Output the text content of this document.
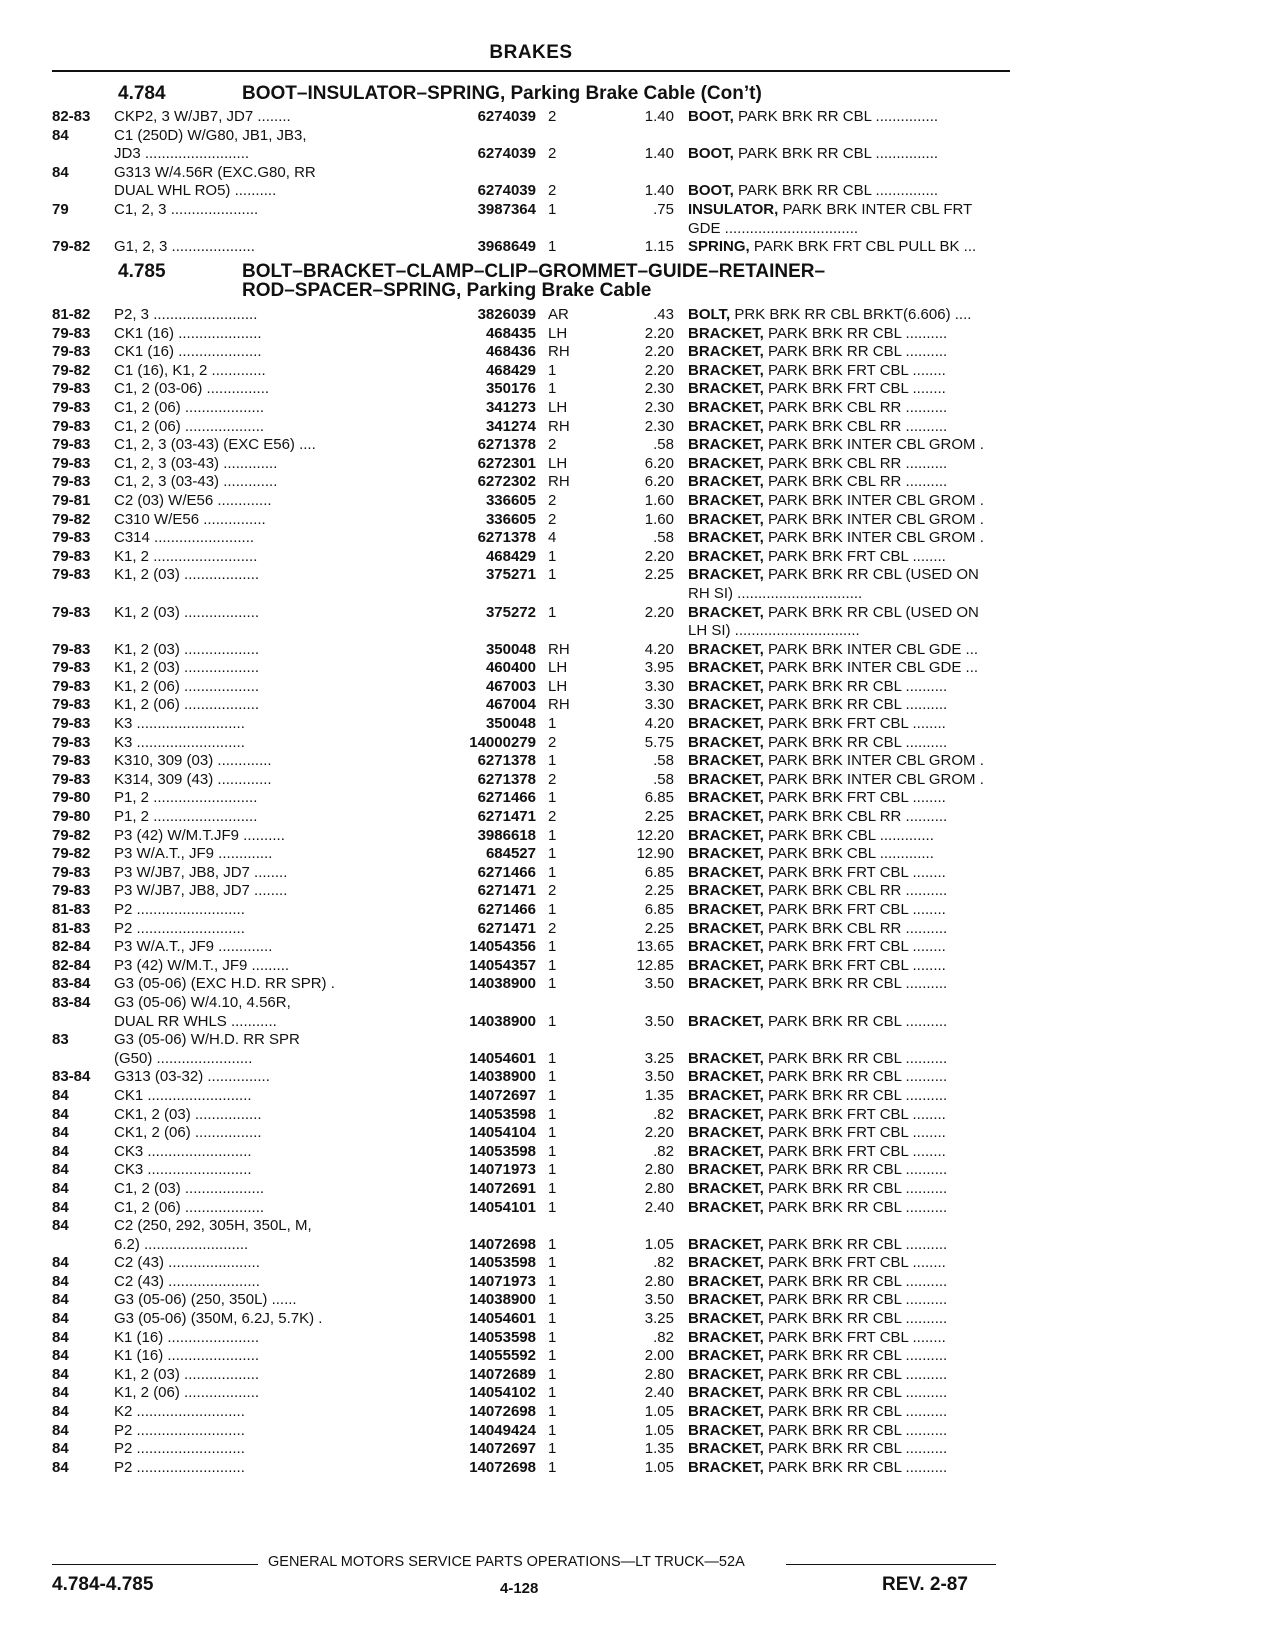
BRAKES
4.784	BOOT–INSULATOR–SPRING, Parking Brake Cable (Con’t)
82-83 CKP2, 3 W/JB7, JD7 ........	6274039 2	1.40 BOOT, PARK BRK RR CBL ...............
84	C1 (250D) W/G80, JB1, JB3,
JD3 .........................	6274039 2	1.40 BOOT, PARK BRK RR CBL ...............
84	G313 W/4.56R (EXC.G80, RR
DUAL WHL RO5) ..........	6274039 2	1.40 BOOT, PARK BRK RR CBL ...............
79	C1, 2, 3 .....................	3987364 1	.75 INSULATOR, PARK BRK INTER CBL FRT
GDE ................................
79-82 G1, 2, 3 ....................	3968649 1	1.15 SPRING, PARK BRK FRT CBL PULL BK ...
4.785	BOLT–BRACKET–CLAMP–CLIP–GROMMET–GUIDE–RETAINER–
ROD–SPACER–SPRING, Parking Brake Cable
81-82 P2, 3 .........................	3826039 AR	.43 BOLT, PRK BRK RR CBL BRKT(6.606) ....
79-83 CK1 (16) ....................	468435 LH	2.20 BRACKET, PARK BRK RR CBL ..........
79-83 CK1 (16) ....................	468436 RH	2.20 BRACKET, PARK BRK RR CBL ..........
79-82 C1 (16), K1, 2 .............	468429 1	2.20 BRACKET, PARK BRK FRT CBL ........
79-83 C1, 2 (03-06) ...............	350176 1	2.30 BRACKET, PARK BRK FRT CBL ........
79-83 C1, 2 (06) ...................	341273 LH	2.30 BRACKET, PARK BRK CBL RR ..........
79-83 C1, 2 (06) ...................	341274 RH	2.30 BRACKET, PARK BRK CBL RR ..........
79-83 C1, 2, 3 (03-43) (EXC E56) ....	6271378 2	.58 BRACKET, PARK BRK INTER CBL GROM .
79-83 C1, 2, 3 (03-43) .............	6272301 LH	6.20 BRACKET, PARK BRK CBL RR ..........
79-83 C1, 2, 3 (03-43) .............	6272302 RH	6.20 BRACKET, PARK BRK CBL RR ..........
79-81 C2 (03) W/E56 .............	336605 2	1.60 BRACKET, PARK BRK INTER CBL GROM .
79-82 C310 W/E56 ...............	336605 2	1.60 BRACKET, PARK BRK INTER CBL GROM .
79-83 C314 ........................	6271378 4	.58 BRACKET, PARK BRK INTER CBL GROM .
79-83 K1, 2 .........................	468429 1	2.20 BRACKET, PARK BRK FRT CBL ........
79-83 K1, 2 (03) ..................	375271 1	2.25 BRACKET, PARK BRK RR CBL (USED ON
RH SI) ..............................
79-83 K1, 2 (03) ..................	375272 1	2.20 BRACKET, PARK BRK RR CBL (USED ON
LH SI) ..............................
79-83 K1, 2 (03) ..................	350048 RH	4.20 BRACKET, PARK BRK INTER CBL GDE ...
79-83 K1, 2 (03) ..................	460400 LH	3.95 BRACKET, PARK BRK INTER CBL GDE ...
79-83 K1, 2 (06) ..................	467003 LH	3.30 BRACKET, PARK BRK RR CBL ..........
79-83 K1, 2 (06) ..................	467004 RH	3.30 BRACKET, PARK BRK RR CBL ..........
79-83 K3 ..........................	350048 1	4.20 BRACKET, PARK BRK FRT CBL ........
79-83 K3 ..........................	14000279 2	5.75 BRACKET, PARK BRK RR CBL ..........
79-83 K310, 309 (03) .............	6271378 1	.58 BRACKET, PARK BRK INTER CBL GROM .
79-83 K314, 309 (43) .............	6271378 2	.58 BRACKET, PARK BRK INTER CBL GROM .
79-80 P1, 2 .........................	6271466 1	6.85 BRACKET, PARK BRK FRT CBL ........
79-80 P1, 2 .........................	6271471 2	2.25 BRACKET, PARK BRK CBL RR ..........
79-82 P3 (42) W/M.T.JF9 ..........	3986618 1	12.20 BRACKET, PARK BRK CBL .............
79-82 P3 W/A.T., JF9 .............	684527 1	12.90 BRACKET, PARK BRK CBL .............
79-83 P3 W/JB7, JB8, JD7 ........	6271466 1	6.85 BRACKET, PARK BRK FRT CBL ........
79-83 P3 W/JB7, JB8, JD7 ........	6271471 2	2.25 BRACKET, PARK BRK CBL RR ..........
81-83 P2 ..........................	6271466 1	6.85 BRACKET, PARK BRK FRT CBL ........
81-83 P2 ..........................	6271471 2	2.25 BRACKET, PARK BRK CBL RR ..........
82-84 P3 W/A.T., JF9 .............	14054356 1	13.65 BRACKET, PARK BRK FRT CBL ........
82-84 P3 (42) W/M.T., JF9 .........	14054357 1	12.85 BRACKET, PARK BRK FRT CBL ........
83-84 G3 (05-06) (EXC H.D. RR SPR) .	14038900 1	3.50 BRACKET, PARK BRK RR CBL ..........
83-84 G3 (05-06) W/4.10, 4.56R,
DUAL RR WHLS ...........	14038900 1	3.50 BRACKET, PARK BRK RR CBL ..........
83	G3 (05-06) W/H.D. RR SPR
(G50) .......................	14054601 1	3.25 BRACKET, PARK BRK RR CBL ..........
83-84 G313 (03-32) ...............	14038900 1	3.50 BRACKET, PARK BRK RR CBL ..........
84	CK1 .........................	14072697 1	1.35 BRACKET, PARK BRK RR CBL ..........
84	CK1, 2 (03) ................	14053598 1	.82 BRACKET, PARK BRK FRT CBL ........
84	CK1, 2 (06) ................	14054104 1	2.20 BRACKET, PARK BRK FRT CBL ........
84	CK3 .........................	14053598 1	.82 BRACKET, PARK BRK FRT CBL ........
84	CK3 .........................	14071973 1	2.80 BRACKET, PARK BRK RR CBL ..........
84	C1, 2 (03) ...................	14072691 1	2.80 BRACKET, PARK BRK RR CBL ..........
84	C1, 2 (06) ...................	14054101 1	2.40 BRACKET, PARK BRK RR CBL ..........
84	C2 (250, 292, 305H, 350L, M,
6.2) .........................	14072698 1	1.05 BRACKET, PARK BRK RR CBL ..........
84	C2 (43) ......................	14053598 1	.82 BRACKET, PARK BRK FRT CBL ........
84	C2 (43) ......................	14071973 1	2.80 BRACKET, PARK BRK RR CBL ..........
84	G3 (05-06) (250, 350L) ......	14038900 1	3.50 BRACKET, PARK BRK RR CBL ..........
84	G3 (05-06) (350M, 6.2J, 5.7K) .	14054601 1	3.25 BRACKET, PARK BRK RR CBL ..........
84	K1 (16) ......................	14053598 1	.82 BRACKET, PARK BRK FRT CBL ........
84	K1 (16) ......................	14055592 1	2.00 BRACKET, PARK BRK RR CBL ..........
84	K1, 2 (03) ..................	14072689 1	2.80 BRACKET, PARK BRK RR CBL ..........
84	K1, 2 (06) ..................	14054102 1	2.40 BRACKET, PARK BRK RR CBL ..........
84	K2 ..........................	14072698 1	1.05 BRACKET, PARK BRK RR CBL ..........
84	P2 ..........................	14049424 1	1.05 BRACKET, PARK BRK RR CBL ..........
84	P2 ..........................	14072697 1	1.35 BRACKET, PARK BRK RR CBL ..........
84	P2 ..........................	14072698 1	1.05 BRACKET, PARK BRK RR CBL ..........
GENERAL MOTORS SERVICE PARTS OPERATIONS—LT TRUCK—52A
4.784-4.785	4-128	REV. 2-87
